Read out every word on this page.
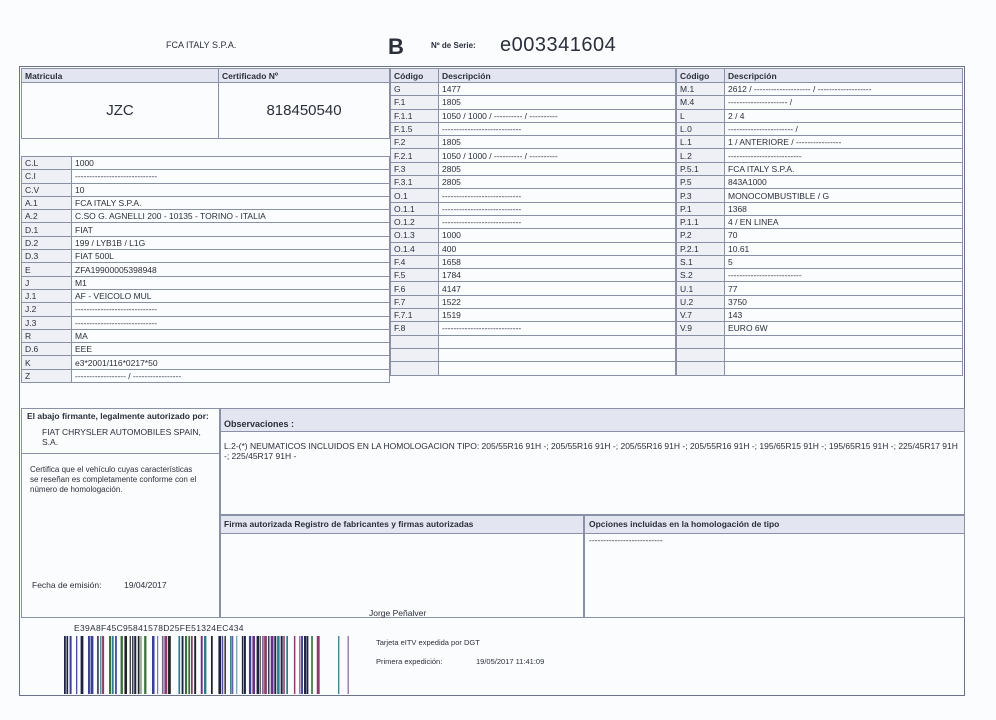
FCA ITALY S.P.A.	B	Nº de Serie: e003341604
Matricula	Certificado Nº
JZC	818450540
C.L	1000
C.I	-----------------------------
C.V	10
A.1	FCA ITALY S.P.A.
A.2	C.SO G. AGNELLI 200 - 10135 - TORINO - ITALIA
D.1	FIAT
D.2	199 / LYB1B / L1G
D.3	FIAT 500L
E	ZFA19900005398948
J	M1
J.1	AF - VEICOLO MUL
J.2	-----------------------------
J.3	-----------------------------
R	MA
D.6	EEE
K	e3*2001/116*0217*50
Z	------------------ / -----------------
Código	Descripción
G	1477
F.1	1805
F.1.1	1050 / 1000 / ---------- / ----------
F.1.5	----------------------------
F.2	1805
F.2.1	1050 / 1000 / ---------- / ----------
F.3	2805
F.3.1	2805
O.1	----------------------------
O.1.1	----------------------------
O.1.2	----------------------------
O.1.3	1000
O.1.4	400
F.4	1658
F.5	1784
F.6	4147
F.7	1522
F.7.1	1519
F.8	----------------------------

Código	Descripción
M.1	2612 / -------------------- / -------------------
M.4	--------------------- /
L	2 / 4
L.0	----------------------- /
L.1	1 / ANTERIORE / ----------------
L.2	--------------------------
P.5.1	FCA ITALY S.P.A.
P.5	843A1000
P.3	MONOCOMBUSTIBLE / G
P.1	1368
P.1.1	4 / EN LINEA
P.2	70
P.2.1	10.61
S.1	5
S.2	--------------------------
U.1	77
U.2	3750
V.7	143
V.9	EURO 6W

El abajo firmante, legalmente autorizado por:
FIAT CHRYSLER AUTOMOBILES SPAIN, S.A.
Certifica que el vehículo cuyas características se reseñan es completamente conforme con el número de homologación.
Fecha de emisión:	19/04/2017
Observaciones :
L.2-(*) NEUMATICOS INCLUIDOS EN LA HOMOLOGACION TIPO: 205/55R16 91H -; 205/55R16 91H -; 205/55R16 91H -; 205/55R16 91H -; 195/65R15 91H -; 195/65R15 91H -; 225/45R17 91H -; 225/45R17 91H -
Firma autorizada Registro de fabricantes y firmas autorizadas
Jorge Peñalver
Opciones incluidas en la homologación de tipo
--------------------------
E39A8F45C95841578D25FE51324EC434
Tarjeta eITV expedida por DGT
Primera expedición:	19/05/2017 11:41:09
